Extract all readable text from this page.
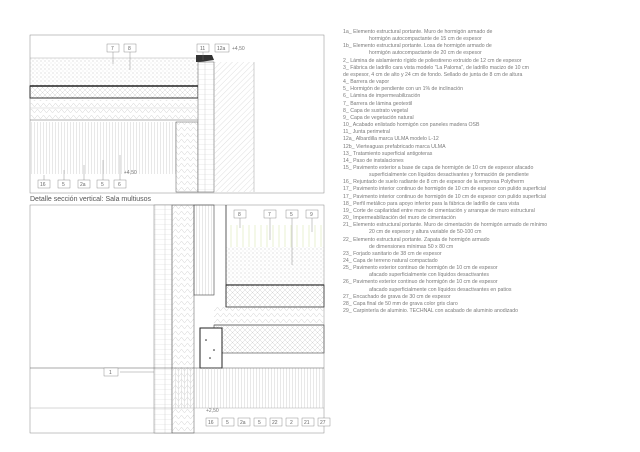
7	8	11 12a +4,50
16	5	2a	5	6
+4,50
8	7	5	9
1
+2,50
16 5 2a 5 22 2 21 27
Detalle sección vertical: Sala multiusos
1a_ Elemento estructural portante. Muro de hormigón armado de
hormigón autocompactante de 15 cm de espesor
1b_ Elemento estructural portante. Losa de hormigón armado de
hormigón autocompactante de 20 cm de espesor
2_ Lámina de aislamiento rígido de poliestireno extruido de 12 cm de espesor
3_ Fábrica de ladrillo cara vista modelo "La Paloma", de ladrillo macizo de 10 cm
de espesor, 4 cm de alto y 24 cm de fondo. Sellado de junta de 8 cm de altura
4_ Barrera de vapor
5_ Hormigón de pendiente con un 1% de inclinación
6_ Lámina de impermeabilización
7_ Barrera de lámina geotextil
8_ Capa de sustrato vegetal
9_ Capa de vegetación natural
10_ Acabado enlistado hormigón con paneles madera OSB
11_ Junta perimetral
12a_ Albardilla marca ULMA modelo L-12
12b_ Vierteaguas prefabricado marca ULMA
13_ Tratamiento superficial antigoteras
14_ Paso de instalaciones
15_ Pavimento exterior a base de capa de hormigón de 10 cm de espesor afacado
superficialmente con líquidos desactivantes y formación de pendiente
16_ Rejuntado de suelo radiante de 8 cm de espesor de la empresa Polytherm
17_ Pavimento interior continuo de hormigón de 10 cm de espesor con pulido superficial
17_ Pavimento interior continuo de hormigón de 10 cm de espesor con pulido superficial
18_ Perfil metálico para apoyo inferior para la fábrica de ladrillo de cara vista
19_ Corte de capilaridad entre muro de cimentación y arranque de muro estructural
20_ Impermeabilización del muro de cimentación
21_ Elemento estructural portante. Muro de cimentación de hormigón armado de mínimo
20 cm de espesor y altura variable de 50-100 cm
22_ Elemento estructural portante. Zapata de hormigón armado
de dimensiones mínimas 50 x 80 cm
23_ Forjado sanitario de 38 cm de espesor
24_ Capa de terreno natural compactado
25_ Pavimento exterior continuo de hormigón de 10 cm de espesor
afacado superficialmente con líquidos desactivantes
26_ Pavimento exterior continuo de hormigón de 10 cm de espesor
afacado superficialmente con líquidos desactivantes en patios
27_ Encachado de grava de 30 cm de espesor
28_ Capa final de 50 mm de grava color gris claro
29_ Carpintería de aluminio. TECHNAL con acabado de aluminio anodizado
